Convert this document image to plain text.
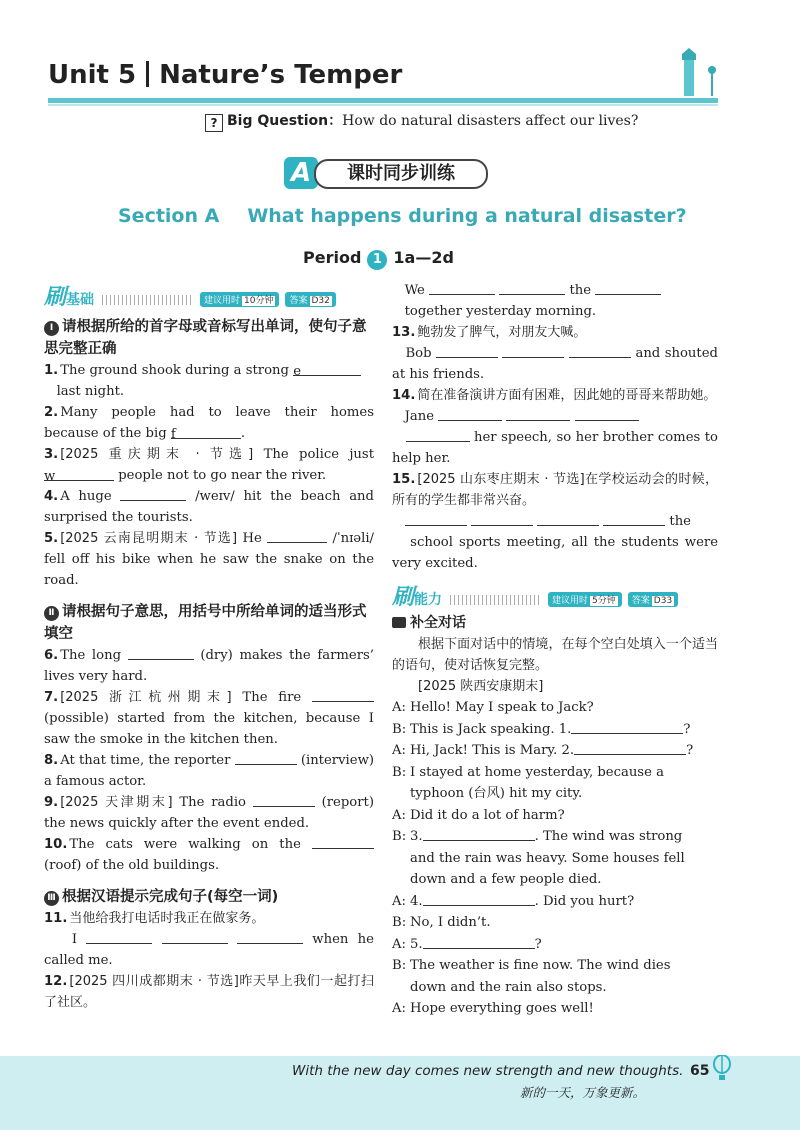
Unit 5 Nature’s Temper
? Big Question：How do natural disasters affect our lives?
A	课时同步训练
Section A What happens during a natural disaster?
Period 1 1a—2d
刷基础	建议用时 10分钟 答案 D32
Ⅰ 请根据所给的首字母或音标写出单词，使句子意思完整正确
1. The ground shook during a strong e
last night.
2. Many people had to leave their homes because of the big f	.
3. [2025 重庆期末 · 节选] The police just w	people not to go near the river.
4. A huge	/weɪv/ hit the beach and surprised the tourists.
5. [2025 云南昆明期末 · 节选] He	/ˈnɪəli/ fell off his bike when he saw the snake on the road.
Ⅱ 请根据句子意思，用括号中所给单词的适当形式填空
6. The long	(dry) makes the farmers’ lives very hard.
7. [2025 浙江杭州期末] The fire  (possible) started from the kitchen, because I saw the smoke in the kitchen then.
8. At that time, the reporter	(interview) a famous actor.
9. [2025 天津期末] The radio	(report) the news quickly after the event ended.
10. The cats were walking on the  (roof) of the old buildings.
Ⅲ 根据汉语提示完成句子(每空一词)
11. 当他给我打电话时我正在做家务。
I	when he called me.
12. [2025 四川成都期末 · 节选]昨天早上我们一起打扫了社区。
We	the
together yesterday morning.
13. 鲍勃发了脾气，对朋友大喊。
Bob	and shouted at his friends.
14. 简在准备演讲方面有困难，因此她的哥哥来帮助她。
Jane
her speech, so her brother comes to help her.
15. [2025 山东枣庄期末 · 节选]在学校运动会的时候，所有的学生都非常兴奋。
the
school sports meeting, all the students were very excited.
刷能力	建议用时 5分钟 答案 D33
补全对话
根据下面对话中的情境，在每个空白处填入一个适当的语句，使对话恢复完整。
[2025 陕西安康期末]
A: Hello! May I speak to Jack?
B: This is Jack speaking. 1.	?
A: Hi, Jack! This is Mary. 2.	?
B: I stayed at home yesterday, because a typhoon (台风) hit my city.
A: Did it do a lot of harm?
B: 3.	. The wind was strong and the rain was heavy. Some houses fell down and a few people died.
A: 4.	. Did you hurt?
B: No, I didn’t.
A: 5.	?
B: The weather is fine now. The wind dies down and the rain also stops.
A: Hope everything goes well!
With the new day comes new strength and new thoughts.
新的一天，万象更新。
65
